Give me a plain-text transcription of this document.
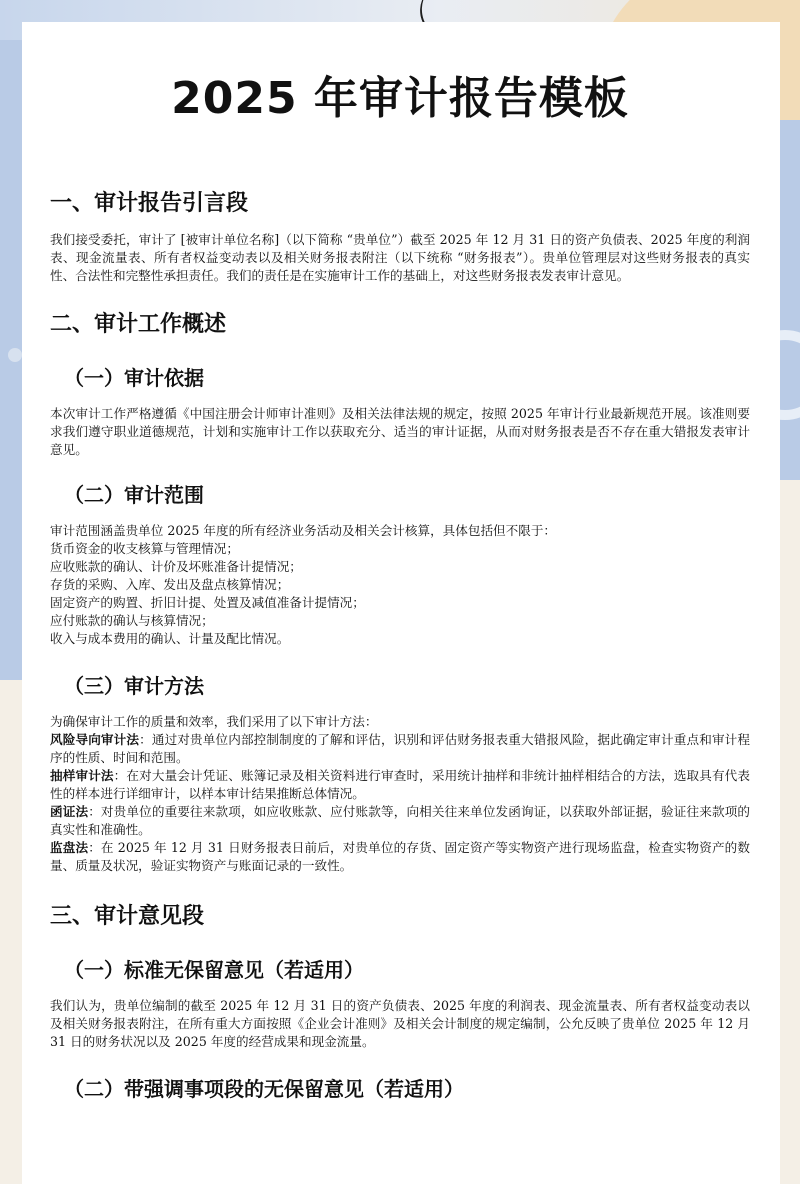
2025 年审计报告模板
一、审计报告引言段

我们接受委托，审计了 [被审计单位名称]（以下简称 “贵单位”）截至 2025 年 12 月 31 日的资产负债表、2025 年度的利润表、现金流量表、所有者权益变动表以及相关财务报表附注（以下统称 “财务报表”）。贵单位管理层对这些财务报表的真实性、合法性和完整性承担责任。我们的责任是在实施审计工作的基础上，对这些财务报表发表审计意见。

二、审计工作概述
（一）审计依据

本次审计工作严格遵循《中国注册会计师审计准则》及相关法律法规的规定，按照 2025 年审计行业最新规范开展。该准则要求我们遵守职业道德规范，计划和实施审计工作以获取充分、适当的审计证据，从而对财务报表是否不存在重大错报发表审计意见。

（二）审计范围
审计范围涵盖贵单位 2025 年度的所有经济业务活动及相关会计核算，具体包括但不限于：
货币资金的收支核算与管理情况；
应收账款的确认、计价及坏账准备计提情况；
存货的采购、入库、发出及盘点核算情况；
固定资产的购置、折旧计提、处置及减值准备计提情况；
应付账款的确认与核算情况；
收入与成本费用的确认、计量及配比情况。
（三）审计方法
为确保审计工作的质量和效率，我们采用了以下审计方法：

风险导向审计法：通过对贵单位内部控制制度的了解和评估，识别和评估财务报表重大错报风险，据此确定审计重点和审计程序的性质、时间和范围。

抽样审计法：在对大量会计凭证、账簿记录及相关资料进行审查时，采用统计抽样和非统计抽样相结合的方法，选取具有代表性的样本进行详细审计，以样本审计结果推断总体情况。

函证法：对贵单位的重要往来款项，如应收账款、应付账款等，向相关往来单位发函询证，以获取外部证据，验证往来款项的真实性和准确性。

监盘法：在 2025 年 12 月 31 日财务报表日前后，对贵单位的存货、固定资产等实物资产进行现场监盘，检查实物资产的数量、质量及状况，验证实物资产与账面记录的一致性。

三、审计意见段
（一）标准无保留意见（若适用）

我们认为，贵单位编制的截至 2025 年 12 月 31 日的资产负债表、2025 年度的利润表、现金流量表、所有者权益变动表以及相关财务报表附注，在所有重大方面按照《企业会计准则》及相关会计制度的规定编制，公允反映了贵单位 2025 年 12 月 31 日的财务状况以及 2025 年度的经营成果和现金流量。

（二）带强调事项段的无保留意见（若适用）
